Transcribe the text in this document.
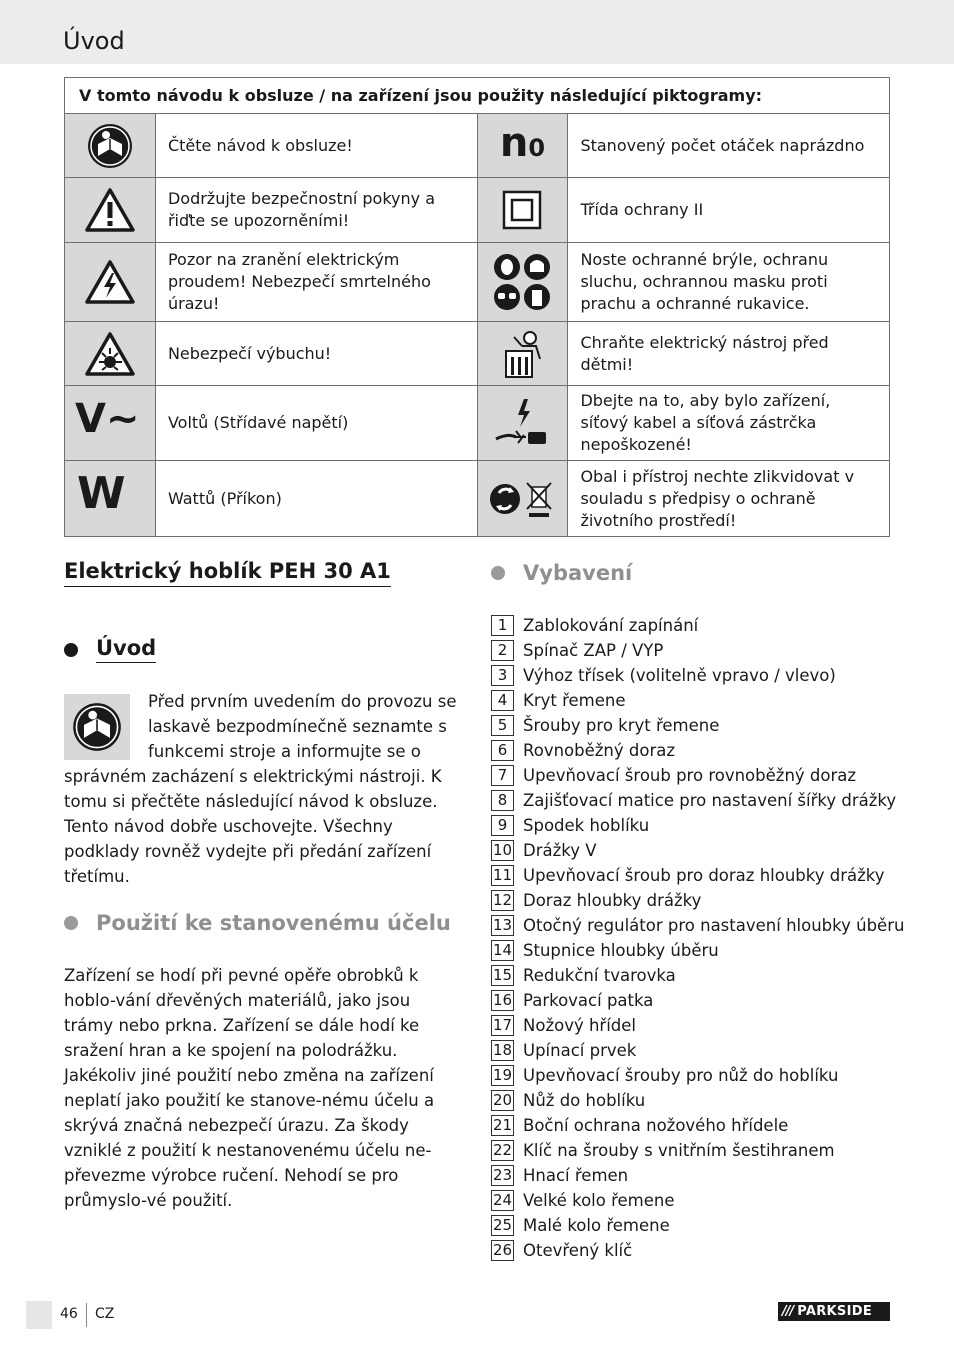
Úvod
V tomto návodu k obsluze / na zařízení jsou použity následující piktogramy:			
	Čtěte návod k obsluze!	n0	Stanovený počet otáček naprázdno
	Dodržujte bezpečnostní pokyny a řiďte se upozorněními!		Třída ochrany II
	Pozor na zranění elektrickým proudem! Nebezpečí smrtelného úrazu!		Noste ochranné brýle, ochranu sluchu, ochrannou masku proti prachu a ochranné rukavice.
	Nebezpečí výbuchu!		Chraňte elektrický nástroj před dětmi!
V~	Voltů (Střídavé napětí)		Dbejte na to, aby bylo zařízení, síťový kabel a síťová zástrčka nepoškozené!
W	Wattů (Příkon)		Obal i přístroj nechte zlikvidovat v souladu s předpisy o ochraně životního prostředí!
Elektrický hoblík PEH 30 A1
Úvod
Před prvním uvedením do provozu se laskavě bezpodmínečně seznamte s funkcemi stroje a informujte se o správném zacházení s elektrickými nástroji. K tomu si přečtěte následující návod k obsluze. Tento návod dobře uschovejte. Všechny podklady rovněž vydejte při předání zařízení třetímu.
Použití ke stanovenému účelu
Zařízení se hodí při pevné opěře obrobků k hoblo-vání dřevěných materiálů, jako jsou trámy nebo prkna. Zařízení se dále hodí ke sražení hran a ke spojení na polodrážku. Jakékoliv jiné použití nebo změna na zařízení neplatí jako použití ke stanove-nému účelu a skrývá značná nebezpečí úrazu. Za škody vzniklé z použití k nestanovenému účelu ne-převezme výrobce ručení. Nehodí se pro průmyslo-vé použití.
Vybavení
1 Zablokování zapínání
2 Spínač ZAP / VYP
3 Výhoz třísek (volitelně vpravo / vlevo)
4 Kryt řemene
5 Šrouby pro kryt řemene
6 Rovnoběžný doraz
7 Upevňovací šroub pro rovnoběžný doraz
8 Zajišťovací matice pro nastavení šířky drážky
9 Spodek hoblíku
10 Drážky V
11 Upevňovací šroub pro doraz hloubky drážky
12 Doraz hloubky drážky
13 Otočný regulátor pro nastavení hloubky úběru
14 Stupnice hloubky úběru
15 Redukční tvarovka
16 Parkovací patka
17 Nožový hřídel
18 Upínací prvek
19 Upevňovací šrouby pro nůž do hoblíku
20 Nůž do hoblíku
21 Boční ochrana nožového hřídele
22 Klíč na šrouby s vnitřním šestihranem
23 Hnací řemen
24 Velké kolo řemene
25 Malé kolo řemene
26 Otevřený klíč
46 CZ	/// PARKSIDE
